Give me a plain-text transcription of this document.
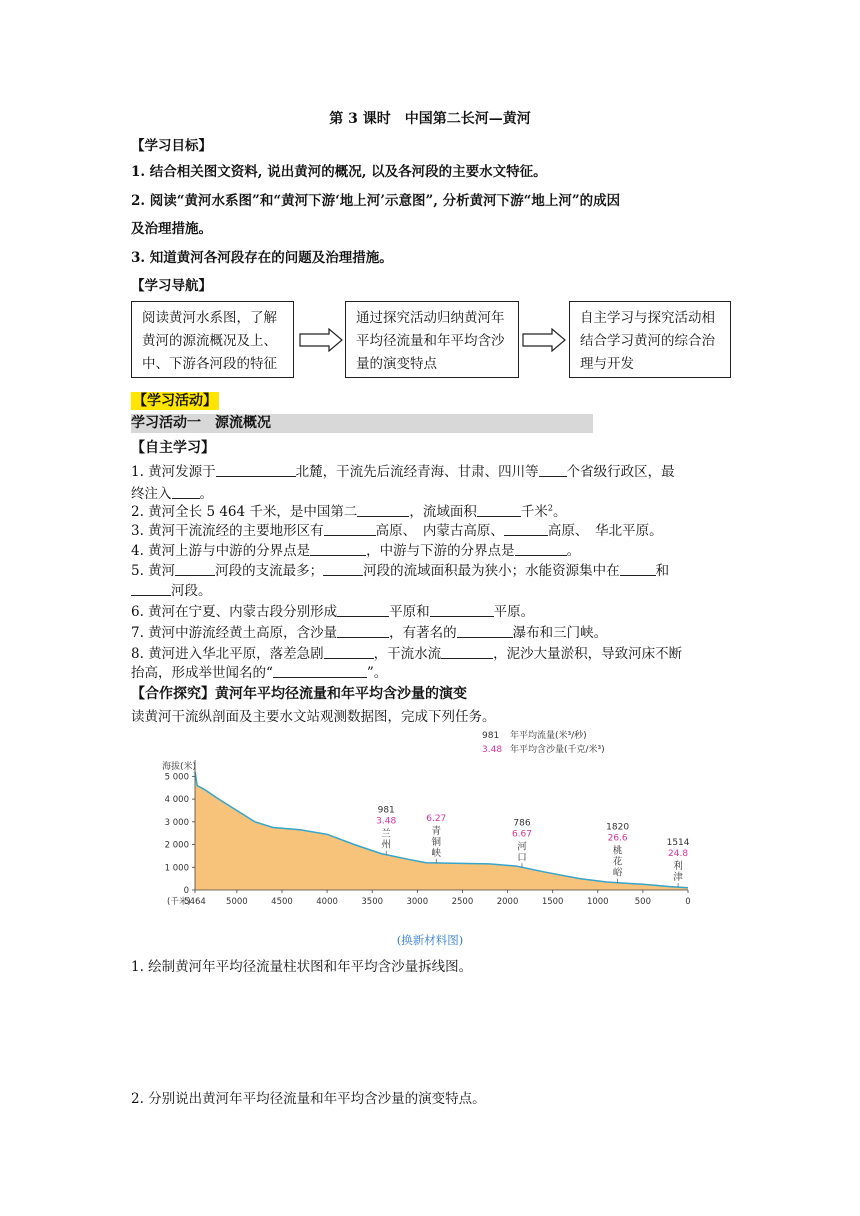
第 3 课时　中国第二长河—黄河
【学习目标】
1. 结合相关图文资料, 说出黄河的概况, 以及各河段的主要水文特征。
2. 阅读“黄河水系图”和“黄河下游‘地上河’示意图”, 分析黄河下游“地上河”的成因
及治理措施。
3. 知道黄河各河段存在的问题及治理措施。
【学习导航】
阅读黄河水系图，了解黄河的源流概况及上、中、下游各河段的特征
通过探究活动归纳黄河年平均径流量和年平均含沙量的演变特点
自主学习与探究活动相结合学习黄河的综合治理与开发
【学习活动】
学习活动一　源流概况
【自主学习】
1. 黄河发源于	北麓，干流先后流经青海、甘肃、四川等 个省级行政区，最
终注入 。
2. 黄河全长 5 464 千米，是中国第二	，流域面积	千米$^2$。
3. 黄河干流流经的主要地形区有	高原、　内蒙古高原、	高原、　华北平原。
4. 黄河上游与中游的分界点是	，中游与下游的分界点是	。
5. 黄河	河段的支流最多；	河段的流域面积最为狭小；水能资源集中在	和
河段。
6. 黄河在宁夏、内蒙古段分别形成	平原和	平原。
7. 黄河中游流经黄土高原，含沙量	，有著名的	瀑布和三门峡。
8. 黄河进入华北平原，落差急剧	，干流水流	，泥沙大量淤积，导致河床不断
抬高，形成举世闻名的“	”。
【合作探究】黄河年平均径流量和年平均含沙量的演变
读黄河干流纵剖面及主要水文站观测数据图，完成下列任务。
981 年平均流量(米³/秒)
3.48 年平均含沙量(千克/米³)
海拔(米)
5 000
4 000
3 000
2 000
1 000
0
(千米)
5464 5000	4500	4000	3500	3000	2500	2000	1500	1000	500	0
兰
州
3.48
981
青
铜
峡
6.27
河
口
6.67
786
桃
花
峪
26.6
1820
利
津
24.8
1514
(换新材料图)
1. 绘制黄河年平均径流量柱状图和年平均含沙量拆线图。
2. 分别说出黄河年平均径流量和年平均含沙量的演变特点。
